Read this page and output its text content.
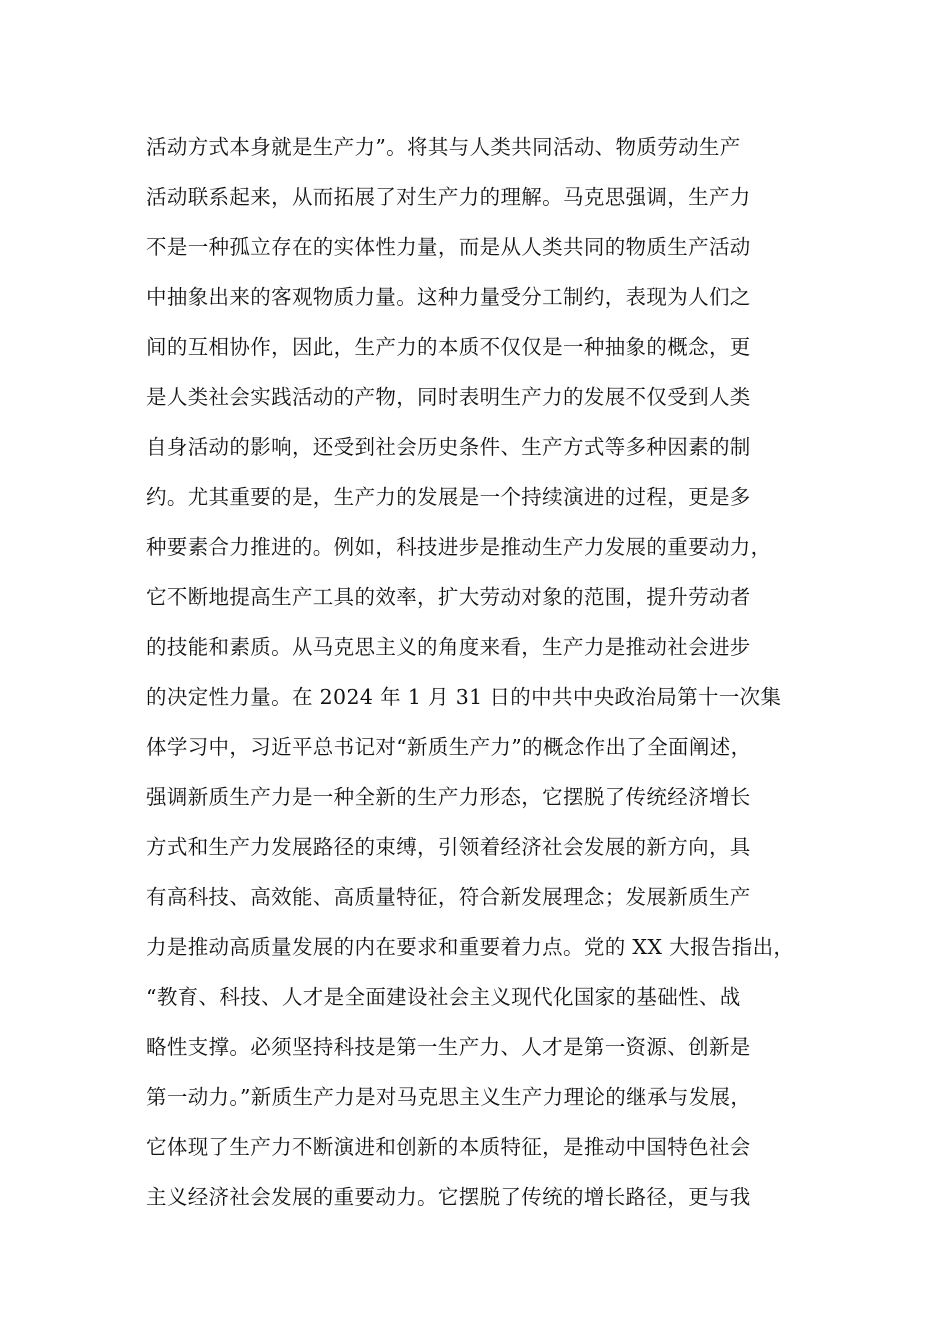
活动方式本身就是生产力”。将其与人类共同活动、物质劳动生产
活动联系起来，从而拓展了对生产力的理解。马克思强调，生产力
不是一种孤立存在的实体性力量，而是从人类共同的物质生产活动
中抽象出来的客观物质力量。这种力量受分工制约，表现为人们之
间的互相协作，因此，生产力的本质不仅仅是一种抽象的概念，更
是人类社会实践活动的产物，同时表明生产力的发展不仅受到人类
自身活动的影响，还受到社会历史条件、生产方式等多种因素的制
约。尤其重要的是，生产力的发展是一个持续演进的过程，更是多
种要素合力推进的。例如，科技进步是推动生产力发展的重要动力，
它不断地提高生产工具的效率，扩大劳动对象的范围，提升劳动者
的技能和素质。从马克思主义的角度来看，生产力是推动社会进步
的决定性力量。在 2024 年 1 月 31 日的中共中央政治局第十一次集
体学习中，习近平总书记对“新质生产力”的概念作出了全面阐述，
强调新质生产力是一种全新的生产力形态，它摆脱了传统经济增长
方式和生产力发展路径的束缚，引领着经济社会发展的新方向，具
有高科技、高效能、高质量特征，符合新发展理念；发展新质生产
力是推动高质量发展的内在要求和重要着力点。党的 XX 大报告指出，
“教育、科技、人才是全面建设社会主义现代化国家的基础性、战
略性支撑。必须坚持科技是第一生产力、人才是第一资源、创新是
第一动力。”新质生产力是对马克思主义生产力理论的继承与发展，
它体现了生产力不断演进和创新的本质特征，是推动中国特色社会
主义经济社会发展的重要动力。它摆脱了传统的增长路径，更与我
